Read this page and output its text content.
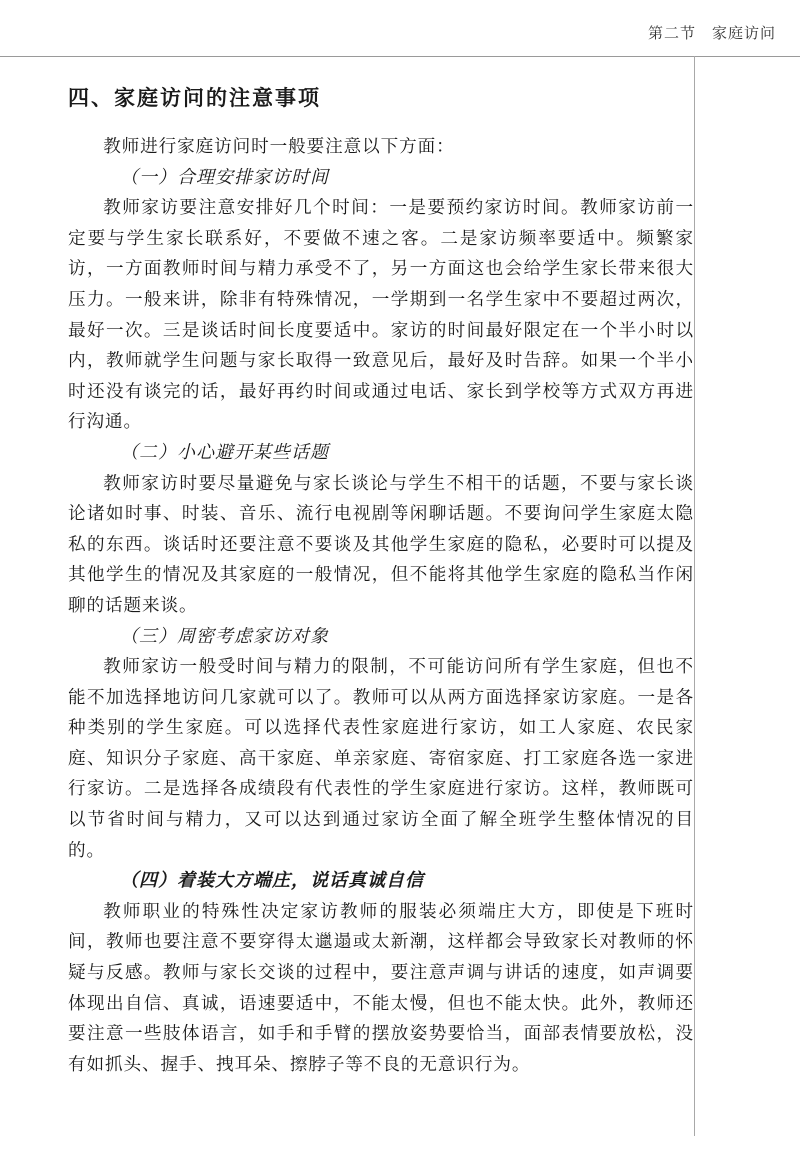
第二节 家庭访问
四、家庭访问的注意事项

教师进行家庭访问时一般要注意以下方面：

（一）合理安排家访时间

教师家访要注意安排好几个时间：一是要预约家访时间。教师家访前一定要与学生家长联系好，不要做不速之客。二是家访频率要适中。频繁家访，一方面教师时间与精力承受不了，另一方面这也会给学生家长带来很大压力。一般来讲，除非有特殊情况，一学期到一名学生家中不要超过两次，最好一次。三是谈话时间长度要适中。家访的时间最好限定在一个半小时以内，教师就学生问题与家长取得一致意见后，最好及时告辞。如果一个半小时还没有谈完的话，最好再约时间或通过电话、家长到学校等方式双方再进行沟通。

（二）小心避开某些话题

教师家访时要尽量避免与家长谈论与学生不相干的话题，不要与家长谈论诸如时事、时装、音乐、流行电视剧等闲聊话题。不要询问学生家庭太隐私的东西。谈话时还要注意不要谈及其他学生家庭的隐私，必要时可以提及其他学生的情况及其家庭的一般情况，但不能将其他学生家庭的隐私当作闲聊的话题来谈。

（三）周密考虑家访对象

教师家访一般受时间与精力的限制，不可能访问所有学生家庭，但也不能不加选择地访问几家就可以了。教师可以从两方面选择家访家庭。一是各种类别的学生家庭。可以选择代表性家庭进行家访，如工人家庭、农民家庭、知识分子家庭、高干家庭、单亲家庭、寄宿家庭、打工家庭各选一家进行家访。二是选择各成绩段有代表性的学生家庭进行家访。这样，教师既可以节省时间与精力，又可以达到通过家访全面了解全班学生整体情况的目的。

（四）着装大方端庄，说话真诚自信

教师职业的特殊性决定家访教师的服装必须端庄大方，即使是下班时间，教师也要注意不要穿得太邋遢或太新潮，这样都会导致家长对教师的怀疑与反感。教师与家长交谈的过程中，要注意声调与讲话的速度，如声调要体现出自信、真诚，语速要适中，不能太慢，但也不能太快。此外，教师还要注意一些肢体语言，如手和手臂的摆放姿势要恰当，面部表情要放松，没有如抓头、握手、拽耳朵、擦脖子等不良的无意识行为。
